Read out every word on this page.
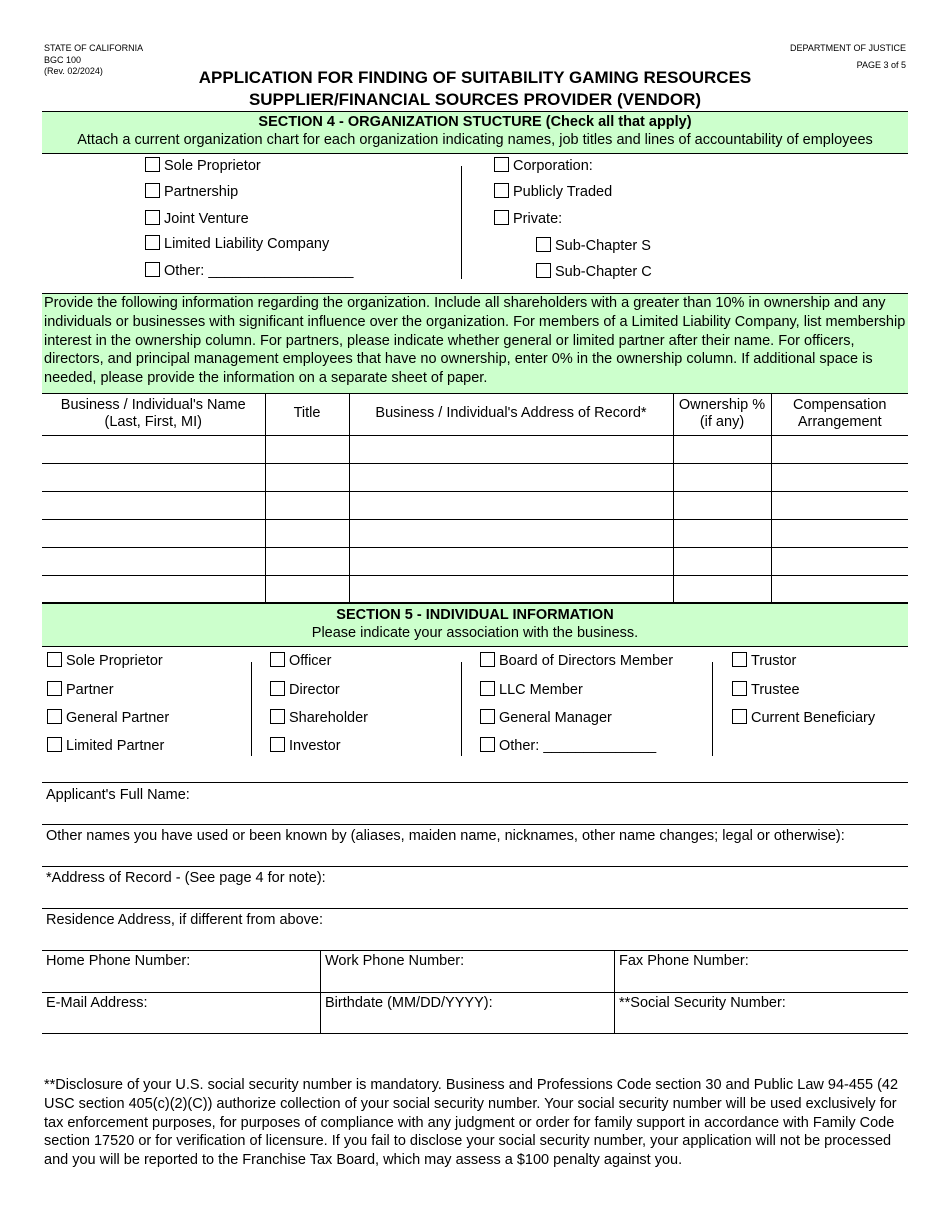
STATE OF CALIFORNIA
BGC 100
(Rev. 02/2024)
DEPARTMENT OF JUSTICE
PAGE 3 of 5
APPLICATION FOR FINDING OF SUITABILITY GAMING RESOURCES
SUPPLIER/FINANCIAL SOURCES PROVIDER (VENDOR)
SECTION 4 - ORGANIZATION STUCTURE (Check all that apply)
Attach a current organization chart for each organization indicating names, job titles and lines of accountability of employees
Sole Proprietor
Partnership
Joint Venture
Limited Liability Company
Other: __________________
Corporation:
Publicly Traded
Private:
Sub-Chapter S
Sub-Chapter C
Provide the following information regarding the organization. Include all shareholders with a greater than 10% in ownership and any individuals or businesses with significant influence over the organization. For members of a Limited Liability Company, list membership interest in the ownership column. For partners, please indicate whether general or limited partner after their name. For officers, directors, and principal management employees that have no ownership, enter 0% in the ownership column. If additional space is needed, please provide the information on a separate sheet of paper.
Business / Individual's Name (Last, First, MI)	Title	Business / Individual's Address of Record*	Ownership % (if any)	Compensation Arrangement

SECTION 5 - INDIVIDUAL INFORMATION
Please indicate your association with the business.
Sole Proprietor
Partner
General Partner
Limited Partner
Officer
Director
Shareholder
Investor
Board of Directors Member
LLC Member
General Manager
Other: ______________
Trustor
Trustee
Current Beneficiary
Applicant's Full Name:
Other names you have used or been known by (aliases, maiden name, nicknames, other name changes; legal or otherwise):
*Address of Record - (See page 4 for note):
Residence Address, if different from above:
Home Phone Number:	Work Phone Number:	Fax Phone Number:
E-Mail Address:	Birthdate (MM/DD/YYYY):	**Social Security Number:
**Disclosure of your U.S. social security number is mandatory. Business and Professions Code section 30 and Public Law 94-455 (42 USC section 405(c)(2)(C)) authorize collection of your social security number. Your social security number will be used exclusively for tax enforcement purposes, for purposes of compliance with any judgment or order for family support in accordance with Family Code section 17520 or for verification of licensure. If you fail to disclose your social security number, your application will not be processed and you will be reported to the Franchise Tax Board, which may assess a $100 penalty against you.
